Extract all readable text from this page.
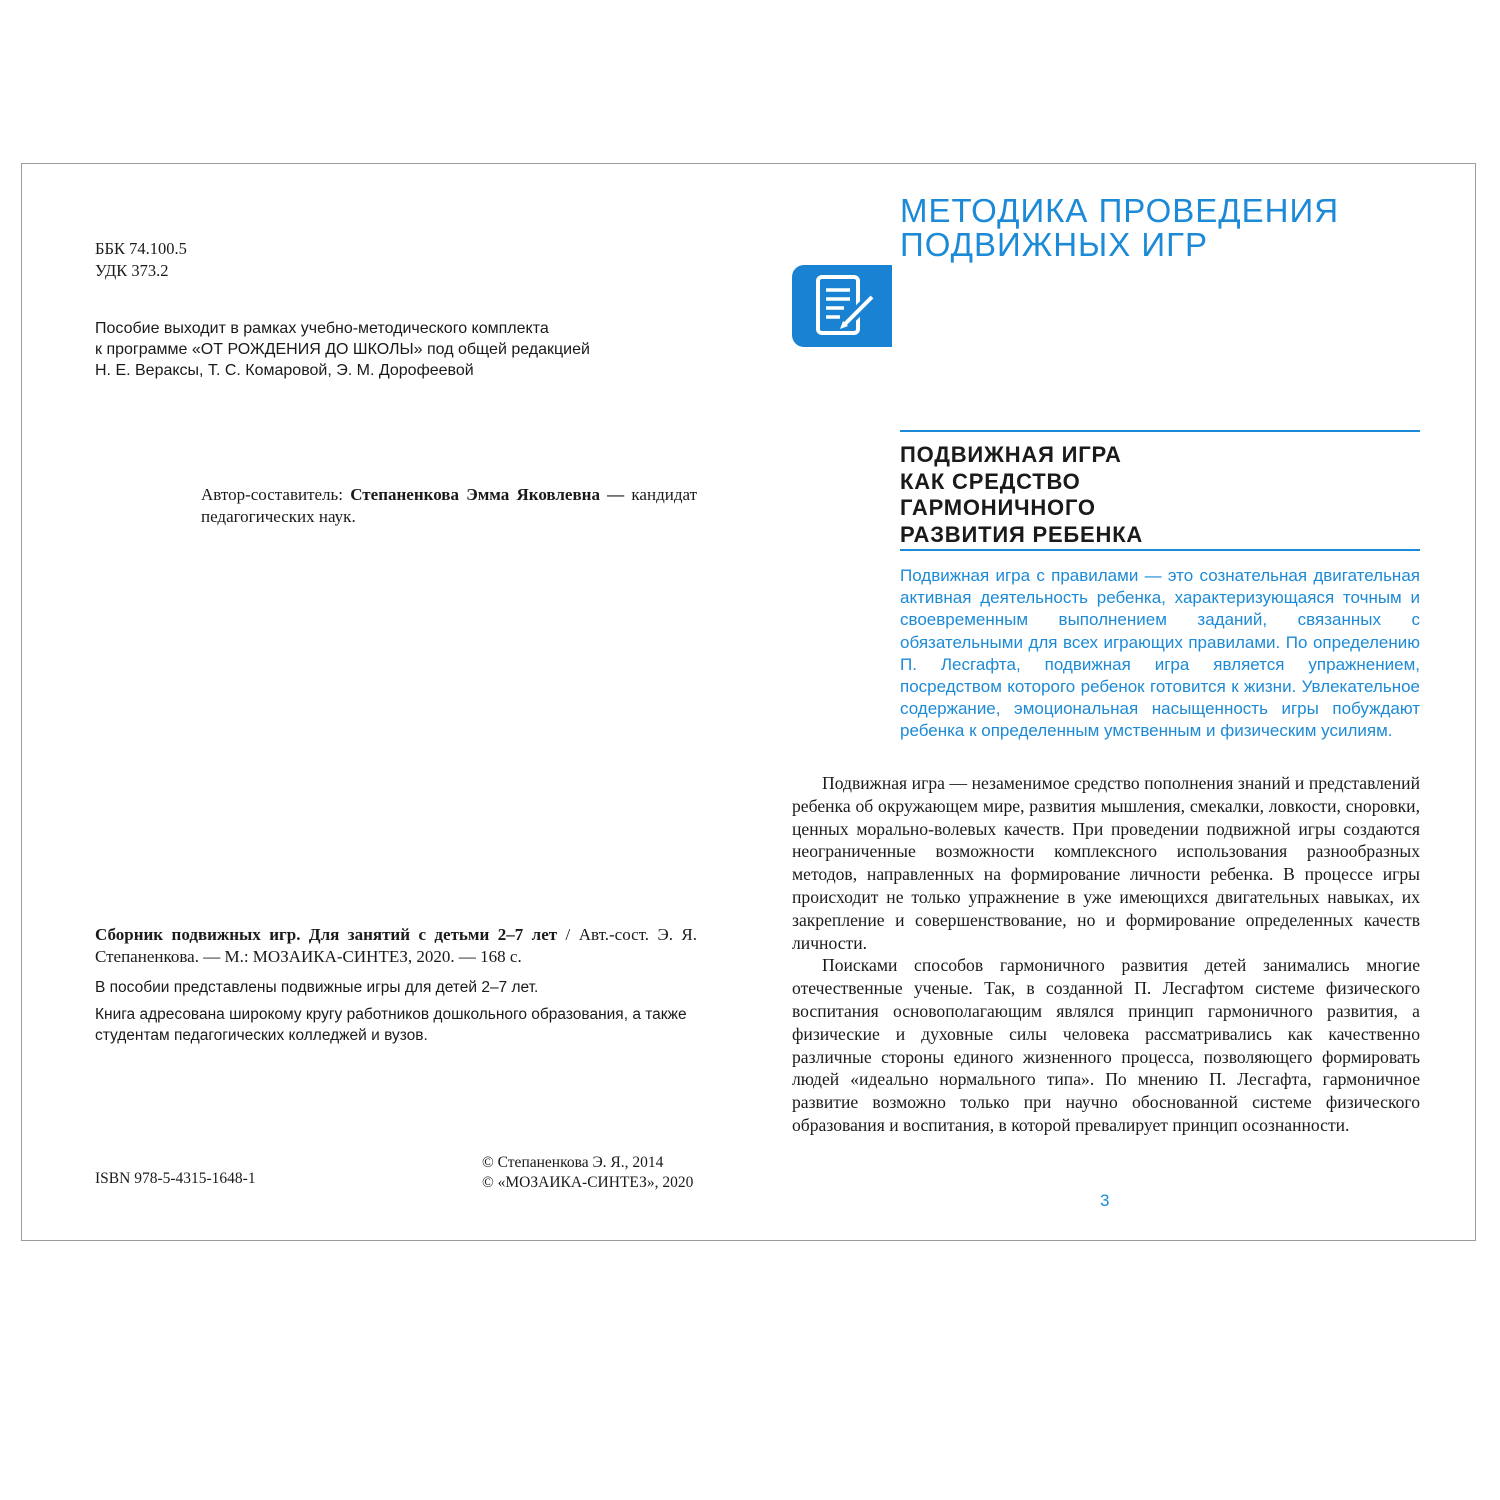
ББК 74.100.5
УДК 373.2
Пособие выходит в рамках учебно-методического комплекта
к программе «ОТ РОЖДЕНИЯ ДО ШКОЛЫ» под общей редакцией
Н. Е. Вераксы, Т. С. Комаровой, Э. М. Дорофеевой
Автор-составитель: Степаненкова Эмма Яковлевна — кандидат педагогических наук.
Сборник подвижных игр. Для занятий с детьми 2–7 лет / Авт.-сост. Э. Я. Степаненкова. — М.: МОЗАИКА-СИНТЕЗ, 2020. — 168 с.

В пособии представлены подвижные игры для детей 2–7 лет.

Книга адресована широкому кругу работников дошкольного образования, а также студентам педагогических колледжей и вузов.

ISBN 978-5-4315-1648-1
© Степаненкова Э. Я., 2014
© «МОЗАИКА-СИНТЕЗ», 2020
МЕТОДИКА ПРОВЕДЕНИЯ
ПОДВИЖНЫХ ИГР
ПОДВИЖНАЯ ИГРА
КАК СРЕДСТВО
ГАРМОНИЧНОГО
РАЗВИТИЯ РЕБЕНКА
Подвижная игра с правилами — это сознательная двигательная активная деятельность ребенка, характеризующаяся точным и своевременным выполнением заданий, связанных с обязательными для всех играющих правилами. По определению П. Лесгафта, подвижная игра является упражнением, посредством которого ребенок готовится к жизни. Увлекательное содержание, эмоциональная насыщенность игры побуждают ребенка к определенным умственным и физическим усилиям.

Подвижная игра — незаменимое средство пополнения знаний и представлений ребенка об окружающем мире, развития мышления, смекалки, ловкости, сноровки, ценных морально-волевых качеств. При проведении подвижной игры создаются неограниченные возможности комплексного использования разнообразных методов, направленных на формирование личности ребенка. В процессе игры происходит не только упражнение в уже имеющихся двигательных навыках, их закрепление и совершенствование, но и формирование определенных качеств личности.

Поисками способов гармоничного развития детей занимались многие отечественные ученые. Так, в созданной П. Лесгафтом системе физического воспитания основополагающим являлся принцип гармоничного развития, а физические и духовные силы человека рассматривались как качественно различные стороны единого жизненного процесса, позволяющего формировать людей «идеально нормального типа». По мнению П. Лесгафта, гармоничное развитие возможно только при научно обоснованной системе физического образования и воспитания, в которой превалирует принцип осознанности.

3
